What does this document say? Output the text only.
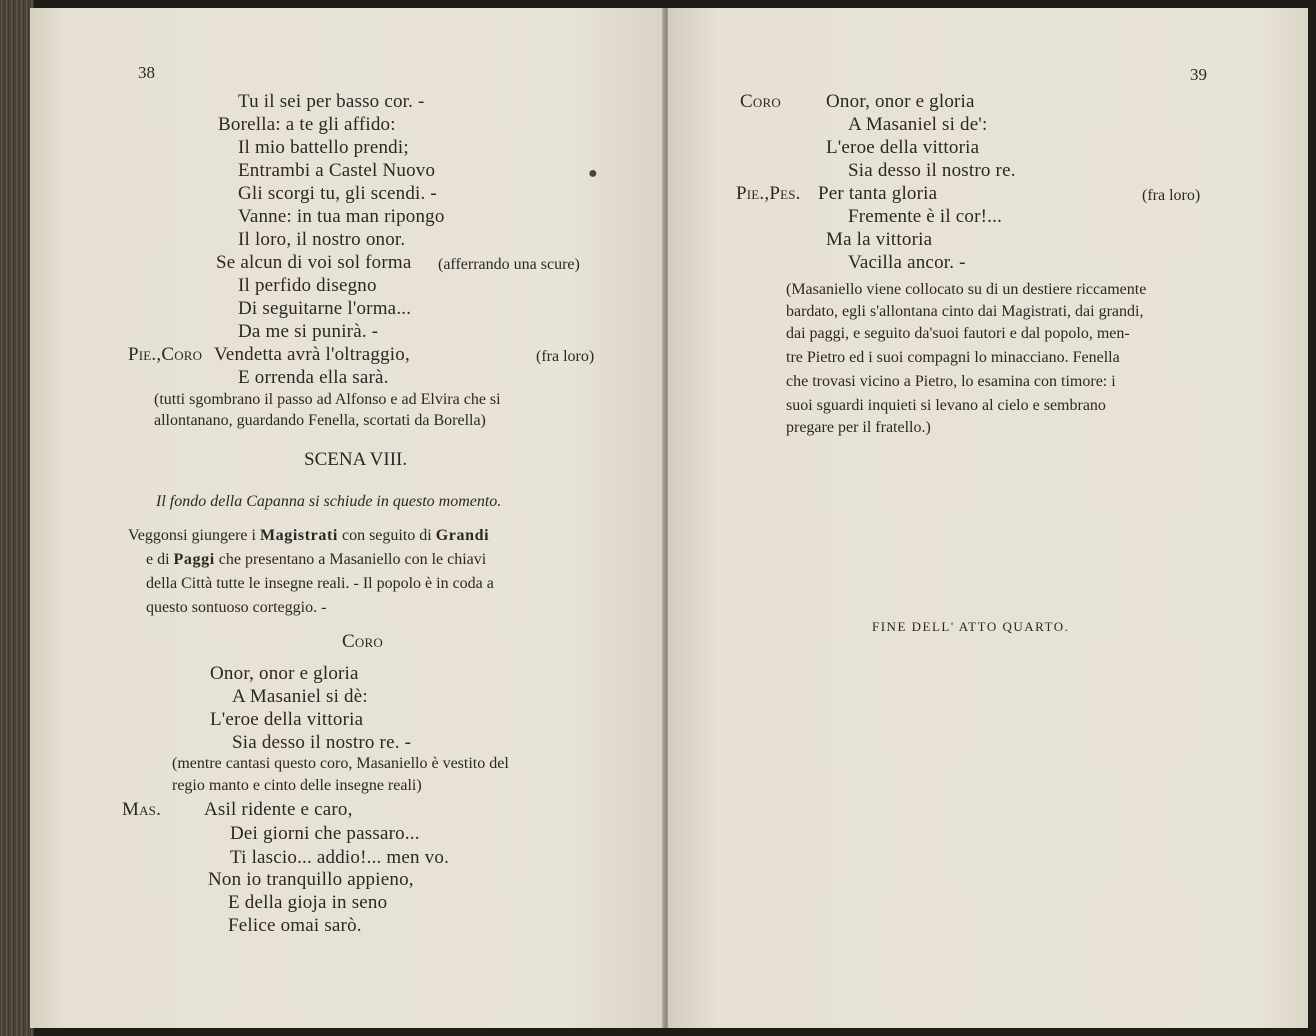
38
Tu il sei per basso cor. -
Borella: a te gli affido:
Il mio battello prendi;
Entrambi a Castel Nuovo	●
Gli scorgi tu, gli scendi. -
Vanne: in tua man ripongo
Il loro, il nostro onor.
Se alcun di voi sol forma (afferrando una scure)
Il perfido disegno
Di seguitarne l'orma...
Da me si punirà. -
Pie.,Coro Vendetta avrà l'oltraggio,	(fra loro)
E orrenda ella sarà.
(tutti sgombrano il passo ad Alfonso e ad Elvira che si
allontanano, guardando Fenella, scortati da Borella)
SCENA VIII.
Il fondo della Capanna si schiude in questo momento.
Veggonsi giungere i Magistrati con seguito di Grandi
e di Paggi che presentano a Masaniello con le chiavi
della Città tutte le insegne reali. - Il popolo è in coda a
questo sontuoso corteggio. -
Coro
Onor, onor e gloria
A Masaniel si dè:
L'eroe della vittoria
Sia desso il nostro re. -
(mentre cantasi questo coro, Masaniello è vestito del
regio manto e cinto delle insegne reali)
Mas. Asil ridente e caro,
Dei giorni che passaro...
Ti lascio... addio!... men vo.
Non io tranquillo appieno,
E della gioja in seno
Felice omai sarò.
39
Coro Onor, onor e gloria
A Masaniel si de':
L'eroe della vittoria
Sia desso il nostro re.
Pie.,Pes. Per tanta gloria	(fra loro)
Fremente è il cor!...
Ma la vittoria
Vacilla ancor. -
(Masaniello viene collocato su di un destiere riccamente
bardato, egli s'allontana cinto dai Magistrati, dai grandi,
dai paggi, e seguito da'suoi fautori e dal popolo, men-
tre Pietro ed i suoi compagni lo minacciano. Fenella
che trovasi vicino a Pietro, lo esamina con timore: i
suoi sguardi inquieti si levano al cielo e sembrano
pregare per il fratello.)
FINE DELL' ATTO QUARTO.
